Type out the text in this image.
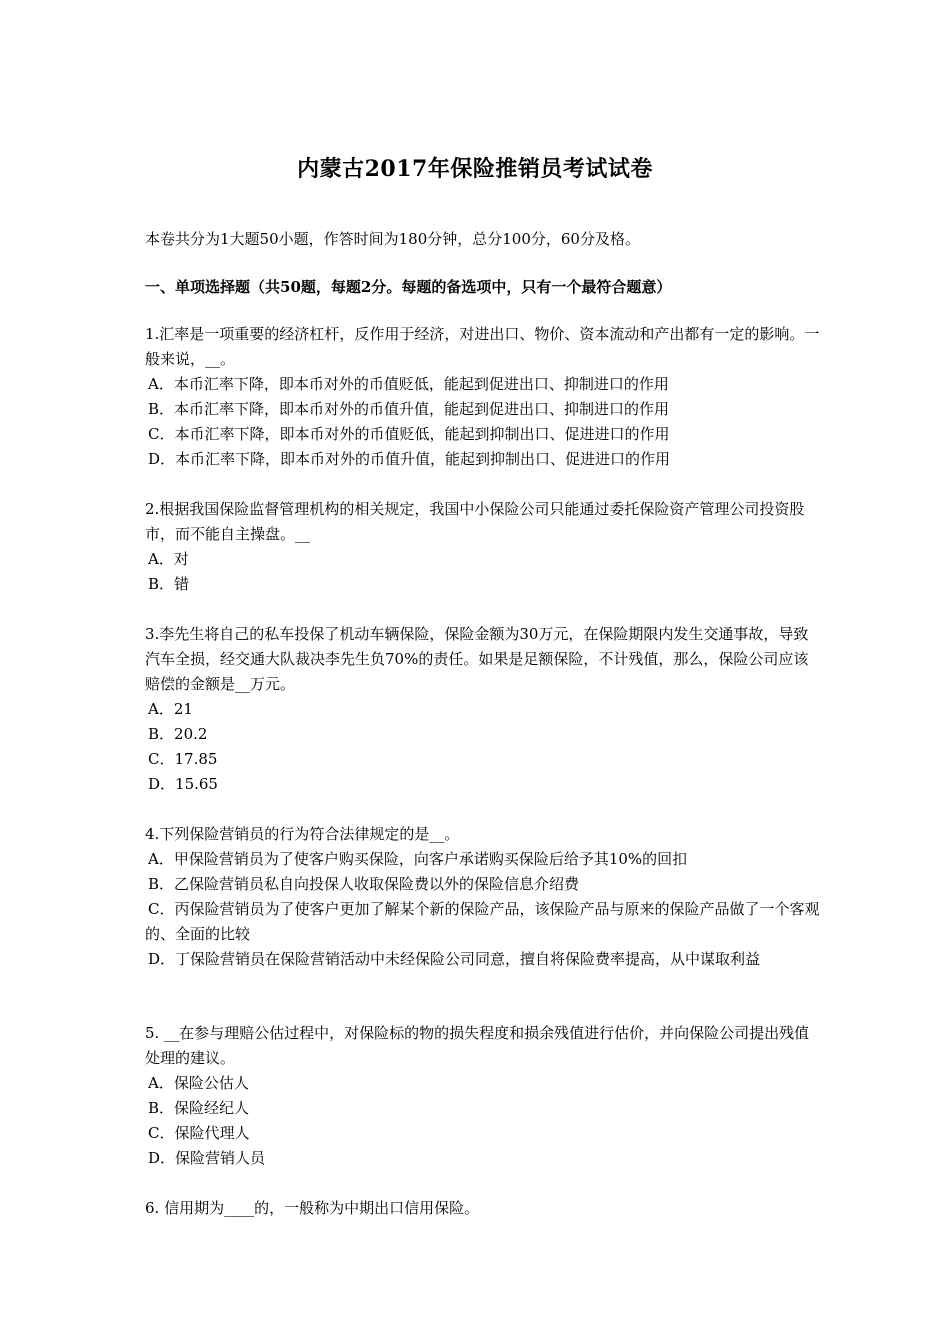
内蒙古2017年保险推销员考试试卷
本卷共分为1大题50小题，作答时间为180分钟，总分100分，60分及格。
一、单项选择题（共50题，每题2分。每题的备选项中，只有一个最符合题意）

1.汇率是一项重要的经济杠杆，反作用于经济，对进出口、物价、资本流动和产出都有一定的影响。一般来说，__。

A．本币汇率下降，即本币对外的币值贬低，能起到促进出口、抑制进口的作用

B．本币汇率下降，即本币对外的币值升值，能起到促进出口、抑制进口的作用

C．本币汇率下降，即本币对外的币值贬低，能起到抑制出口、促进进口的作用

D．本币汇率下降，即本币对外的币值升值，能起到抑制出口、促进进口的作用

2.根据我国保险监督管理机构的相关规定，我国中小保险公司只能通过委托保险资产管理公司投资股市，而不能自主操盘。__

A．对

B．错

3.李先生将自己的私车投保了机动车辆保险，保险金额为30万元，在保险期限内发生交通事故，导致汽车全损，经交通大队裁决李先生负70%的责任。如果是足额保险，不计残值，那么，保险公司应该赔偿的金额是__万元。

A．21

B．20.2

C．17.85

D．15.65

4.下列保险营销员的行为符合法律规定的是__。

A．甲保险营销员为了使客户购买保险，向客户承诺购买保险后给予其10%的回扣

B．乙保险营销员私自向投保人收取保险费以外的保险信息介绍费

C．丙保险营销员为了使客户更加了解某个新的保险产品，该保险产品与原来的保险产品做了一个客观的、全面的比较

D．丁保险营销员在保险营销活动中未经保险公司同意，擅自将保险费率提高，从中谋取利益

5. __在参与理赔公估过程中，对保险标的物的损失程度和损余残值进行估价，并向保险公司提出残值处理的建议。

A．保险公估人

B．保险经纪人

C．保险代理人

D．保险营销人员

6. 信用期为____的，一般称为中期出口信用保险。
